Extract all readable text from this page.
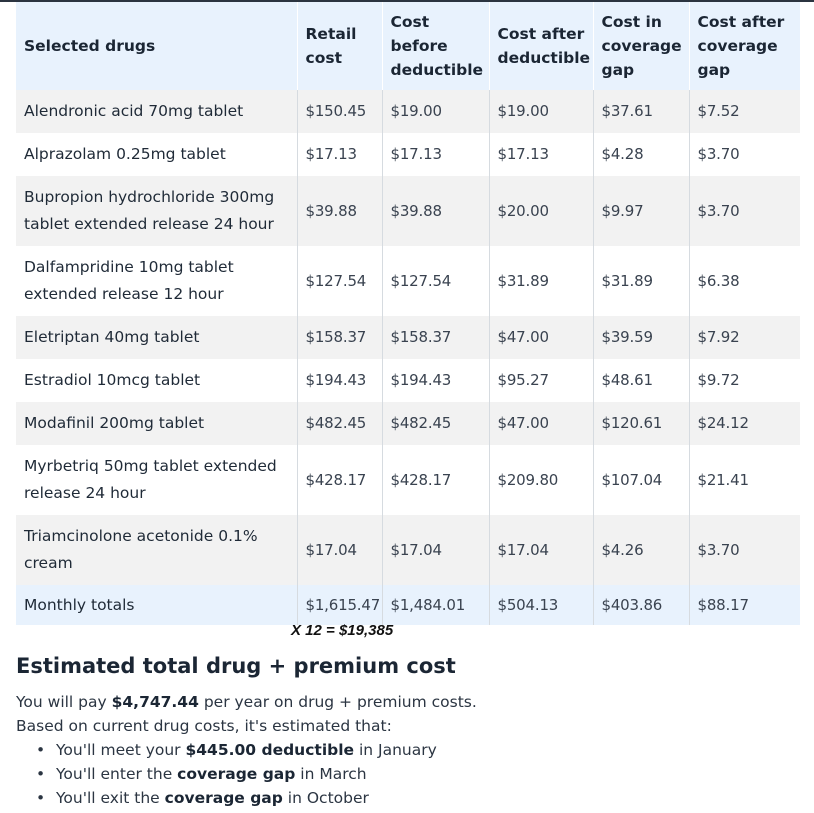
Selected drugs	Retail cost	Cost before deductible	Cost after deductible	Cost in coverage gap	Cost after coverage gap
Alendronic acid 70mg tablet	$150.45	$19.00	$19.00	$37.61	$7.52
Alprazolam 0.25mg tablet	$17.13	$17.13	$17.13	$4.28	$3.70
Bupropion hydrochloride 300mg tablet extended release 24 hour	$39.88	$39.88	$20.00	$9.97	$3.70
Dalfampridine 10mg tablet extended release 12 hour	$127.54	$127.54	$31.89	$31.89	$6.38
Eletriptan 40mg tablet	$158.37	$158.37	$47.00	$39.59	$7.92
Estradiol 10mcg tablet	$194.43	$194.43	$95.27	$48.61	$9.72
Modafinil 200mg tablet	$482.45	$482.45	$47.00	$120.61	$24.12
Myrbetriq 50mg tablet extended release 24 hour	$428.17	$428.17	$209.80	$107.04	$21.41
Triamcinolone acetonide 0.1% cream	$17.04	$17.04	$17.04	$4.26	$3.70
Monthly totals	$1,615.47	$1,484.01	$504.13	$403.86	$88.17
X 12 = $19,385
Estimated total drug + premium cost

You will pay $4,747.44 per year on drug + premium costs.

Based on current drug costs, it's estimated that:

• You'll meet your $445.00 deductible in January
• You'll enter the coverage gap in March
• You'll exit the coverage gap in October
